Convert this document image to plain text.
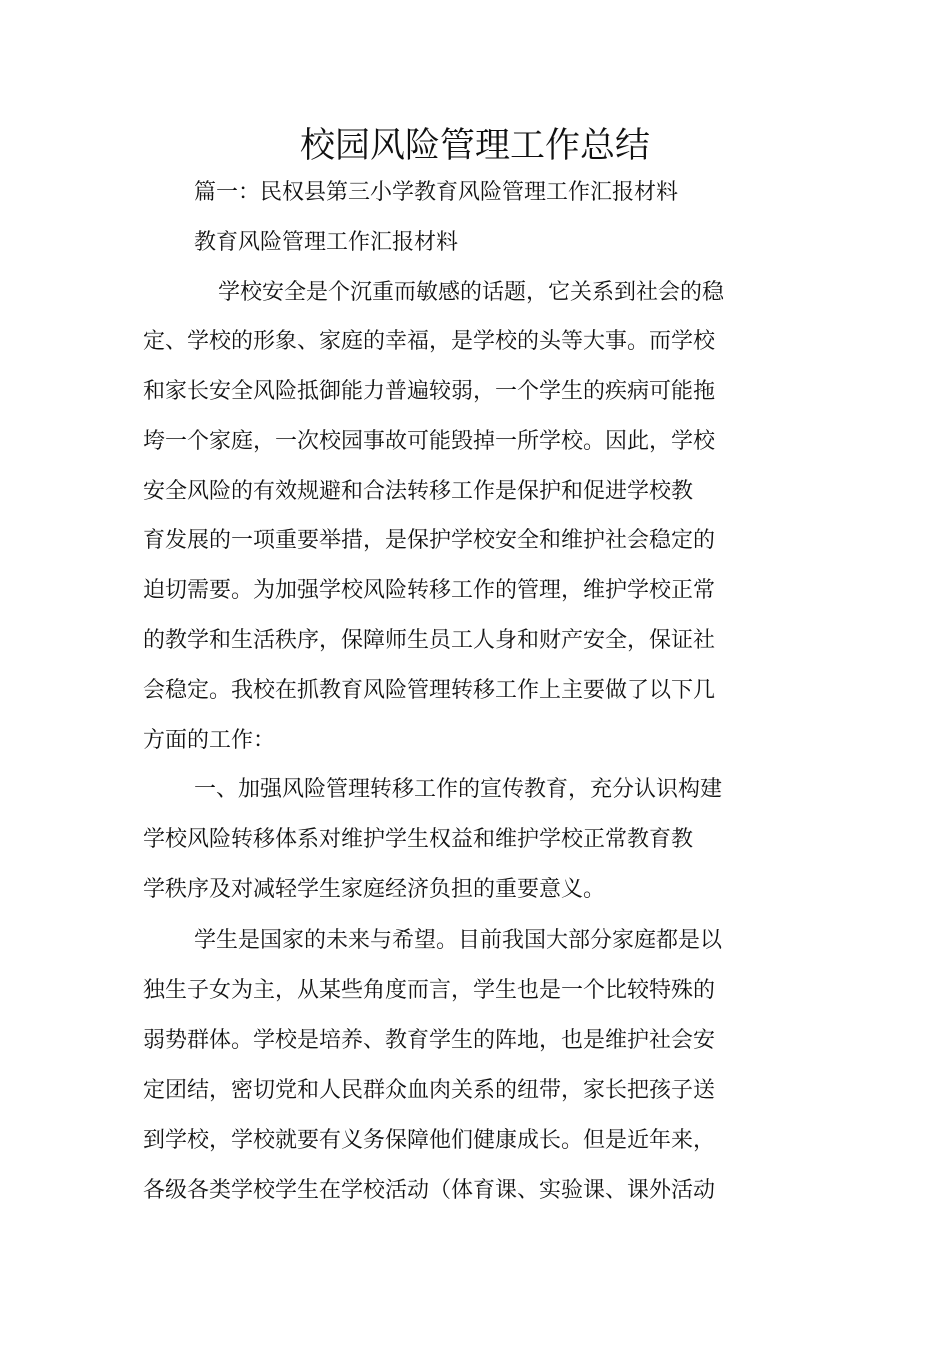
校园风险管理工作总结
篇一：民权县第三小学教育风险管理工作汇报材料
教育风险管理工作汇报材料
学校安全是个沉重而敏感的话题，它关系到社会的稳
定、学校的形象、家庭的幸福，是学校的头等大事。而学校
和家长安全风险抵御能力普遍较弱，一个学生的疾病可能拖
垮一个家庭，一次校园事故可能毁掉一所学校。因此，学校
安全风险的有效规避和合法转移工作是保护和促进学校教
育发展的一项重要举措，是保护学校安全和维护社会稳定的
迫切需要。为加强学校风险转移工作的管理，维护学校正常
的教学和生活秩序，保障师生员工人身和财产安全，保证社
会稳定。我校在抓教育风险管理转移工作上主要做了以下几
方面的工作：
一、加强风险管理转移工作的宣传教育，充分认识构建
学校风险转移体系对维护学生权益和维护学校正常教育教
学秩序及对减轻学生家庭经济负担的重要意义。
学生是国家的未来与希望。目前我国大部分家庭都是以
独生子女为主，从某些角度而言，学生也是一个比较特殊的
弱势群体。学校是培养、教育学生的阵地，也是维护社会安
定团结，密切党和人民群众血肉关系的纽带，家长把孩子送
到学校，学校就要有义务保障他们健康成长。但是近年来，
各级各类学校学生在学校活动（体育课、实验课、课外活动
